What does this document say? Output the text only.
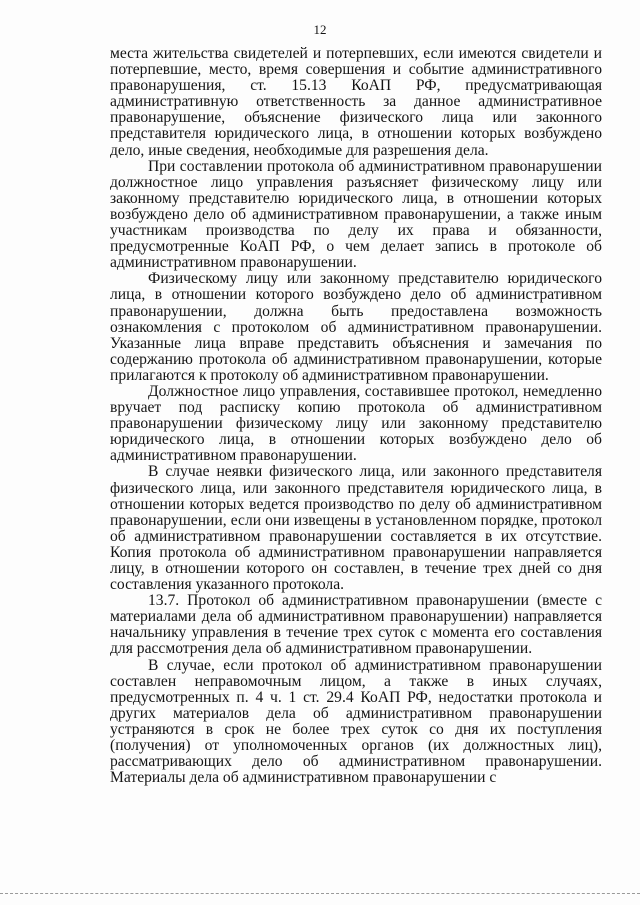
12

места жительства свидетелей и потерпевших, если имеются свидетели и потерпевшие, место, время совершения и событие административного правонарушения, ст. 15.13 КоАП РФ, предусматривающая административную ответственность за данное административное правонарушение, объяснение физического лица или законного представителя юридического лица, в отношении которых возбуждено дело, иные сведения, необходимые для разрешения дела.

При составлении протокола об административном правонарушении должностное лицо управления разъясняет физическому лицу или законному представителю юридического лица, в отношении которых возбуждено дело об административном правонарушении, а также иным участникам производства по делу их права и обязанности, предусмотренные КоАП РФ, о чем делает запись в протоколе об административном правонарушении.

Физическому лицу или законному представителю юридического лица, в отношении которого возбуждено дело об административном правонарушении, должна быть предоставлена возможность ознакомления с протоколом об административном правонарушении. Указанные лица вправе представить объяснения и замечания по содержанию протокола об административном правонарушении, которые прилагаются к протоколу об административном правонарушении.

Должностное лицо управления, составившее протокол, немедленно вручает под расписку копию протокола об административном правонарушении физическому лицу или законному представителю юридического лица, в отношении которых возбуждено дело об административном правонарушении.

В случае неявки физического лица, или законного представителя физического лица, или законного представителя юридического лица, в отношении которых ведется производство по делу об административном правонарушении, если они извещены в установленном порядке, протокол об административном правонарушении составляется в их отсутствие. Копия протокола об административном правонарушении направляется лицу, в отношении которого он составлен, в течение трех дней со дня составления указанного протокола.

13.7. Протокол об административном правонарушении (вместе с материалами дела об административном правонарушении) направляется начальнику управления в течение трех суток с момента его составления для рассмотрения дела об административном правонарушении.

В случае, если протокол об административном правонарушении составлен неправомочным лицом, а также в иных случаях, предусмотренных п. 4 ч. 1 ст. 29.4 КоАП РФ, недостатки протокола и других материалов дела об административном правонарушении устраняются в срок не более трех суток со дня их поступления (получения) от уполномоченных органов (их должностных лиц), рассматривающих дело об административном правонарушении. Материалы дела об административном правонарушении с
